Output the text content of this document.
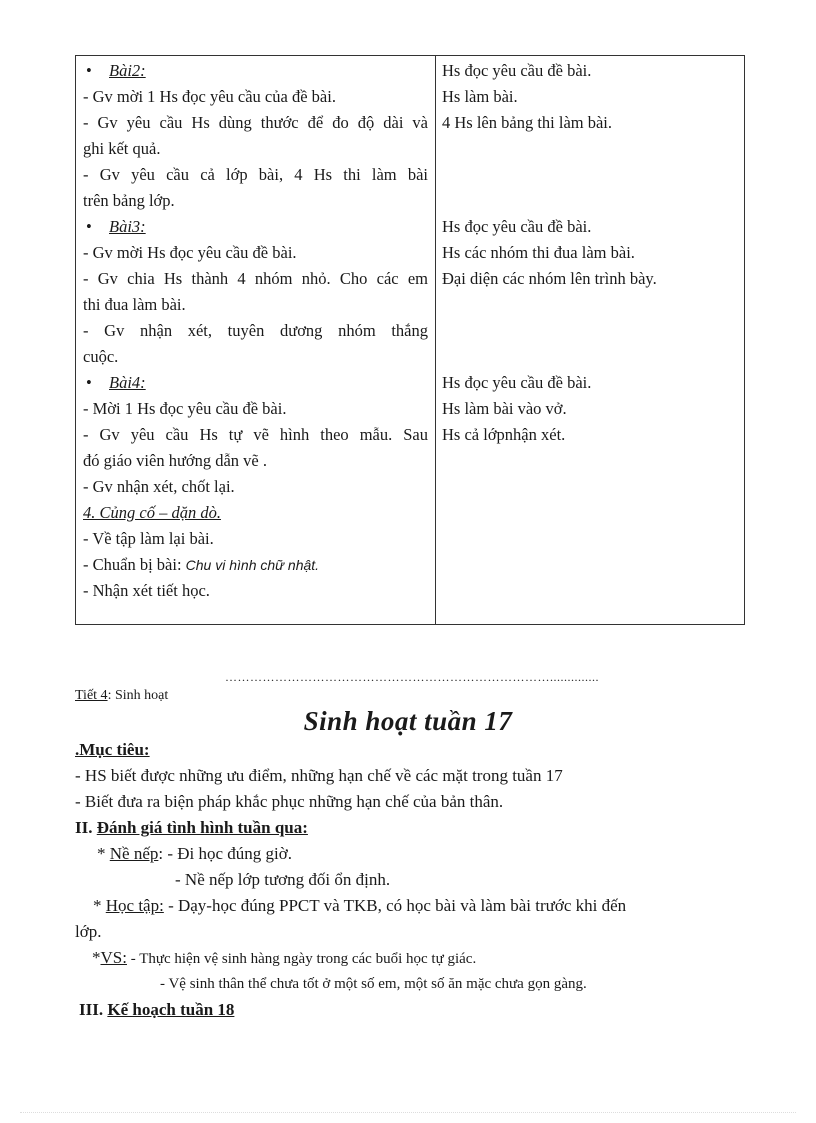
• Bài2:
- Gv mời 1 Hs đọc yêu cầu của đề bài.
- Gv yêu cầu Hs dùng thước để đo độ dài và
ghi kết quả.
- Gv yêu cầu cả lớp bài, 4 Hs thi làm bài
trên bảng lớp.
• Bài3:
- Gv mời Hs đọc yêu cầu đề bài.
- Gv chia Hs thành 4 nhóm nhỏ. Cho các em
thi đua làm bài.
- Gv nhận xét, tuyên dương nhóm thắng
cuộc.
• Bài4:
- Mời 1 Hs đọc yêu cầu đề bài.
- Gv yêu cầu Hs tự vẽ hình theo mẫu. Sau
đó giáo viên hướng dẫn vẽ .
- Gv nhận xét, chốt lại.
4. Củng cố – dặn dò.
- Về tập làm lại bài.
- Chuẩn bị bài: Chu vi hình chữ nhật.
- Nhận xét tiết học.
Hs đọc yêu cầu đề bài.
Hs làm bài.
4 Hs lên bảng thi làm bài.
Hs đọc yêu cầu đề bài.
Hs các nhóm thi đua làm bài.
Đại diện các nhóm lên trình bày.
Hs đọc yêu cầu đề bài.
Hs làm bài vào vở.
Hs cả lớpnhận xét.
……………………………………………………………………..............
Tiết 4: Sinh hoạt
Sinh hoạt tuần 17
.Mục tiêu:
- HS biết được những ưu điểm, những hạn chế về các mặt trong tuần 17
- Biết đưa ra biện pháp khắc phục những hạn chế của bản thân.
II. Đánh giá tình hình tuần qua:
* Nề nếp: - Đi học đúng giờ.
- Nề nếp lớp tương đối ổn định.
* Học tập: - Dạy-học đúng PPCT và TKB, có học bài và làm bài trước khi đến
lớp.
*VS: - Thực hiện vệ sinh hàng ngày trong các buổi học tự giác.
- Vệ sinh thân thể chưa tốt ở một số em, một số ăn mặc chưa gọn gàng.
III. Kế hoạch tuần 18
